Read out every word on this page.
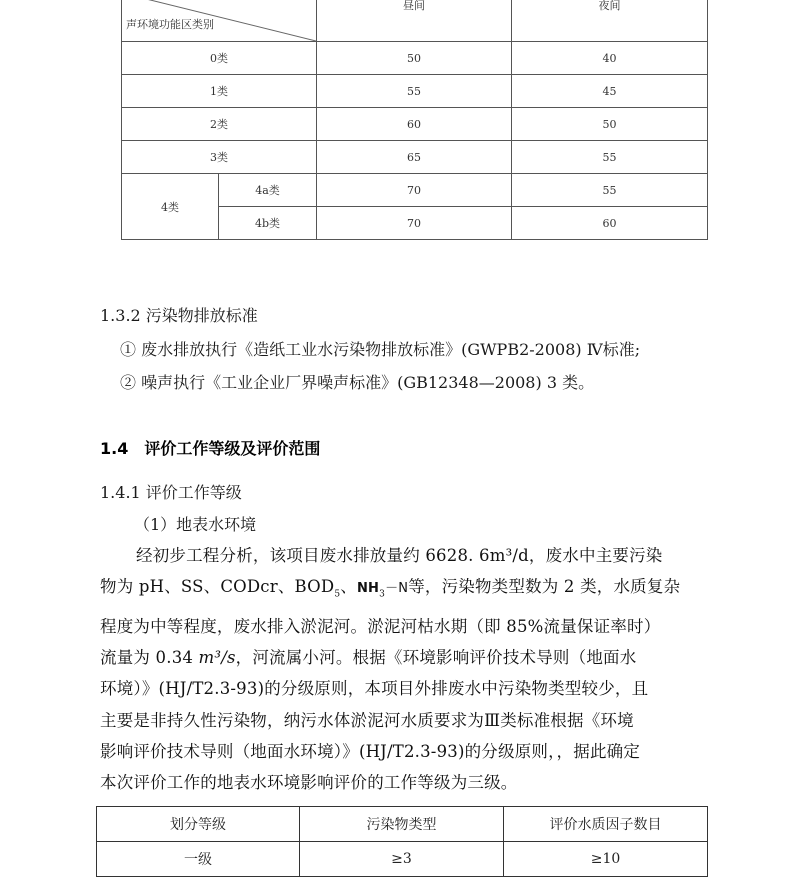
声环境功能区类别		昼间	夜间
0类		50	40
1类		55	45
2类		60	50
3类		65	55
4类	4a类	70	55
	4b类	70	60
1.3.2 污染物排放标准
① 废水排放执行《造纸工业水污染物排放标准》(GWPB2-2008) Ⅳ标准;
② 噪声执行《工业企业厂界噪声标准》(GB12348—2008) 3 类。
1.4　评价工作等级及评价范围
1.4.1 评价工作等级
（1）地表水环境
经初步工程分析，该项目废水排放量约 6628. 6m³/d，废水中主要污染
物为 pH、SS、CODcr、$BOD_5$、$NH_3-N$等，污染物类型数为 2 类，水质复杂
程度为中等程度，废水排入淤泥河。淤泥河枯水期（即 85%流量保证率时）
流量为 0.34 m³/s，河流属小河。根据《环境影响评价技术导则（地面水
环境）》(HJ/T2.3-93)的分级原则，本项目外排废水中污染物类型较少，且
主要是非持久性污染物，纳污水体淤泥河水质要求为Ⅲ类标准根据《环境
影响评价技术导则（地面水环境）》(HJ/T2.3-93)的分级原则，，据此确定
本次评价工作的地表水环境影响评价的工作等级为三级。
划分等级	污染物类型	评价水质因子数目
一级	≥3	≥10
